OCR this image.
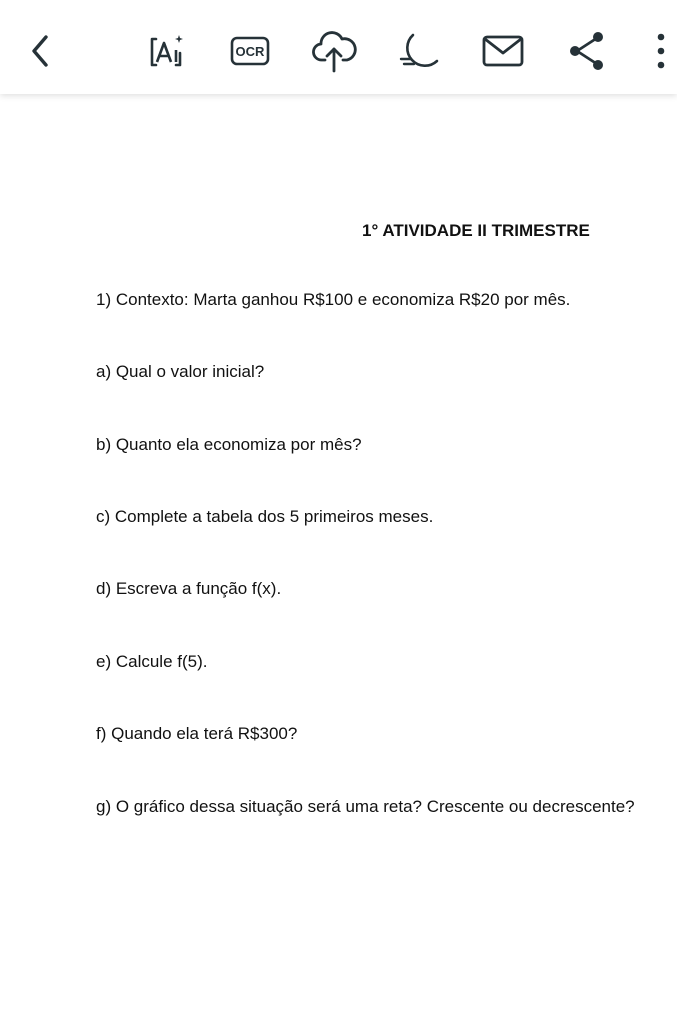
OCR
1° ATIVIDADE II TRIMESTRE
1) Contexto: Marta ganhou R$100 e economiza R$20 por mês.
a) Qual o valor inicial?
b) Quanto ela economiza por mês?
c) Complete a tabela dos 5 primeiros meses.
d) Escreva a função f(x).
e) Calcule f(5).
f) Quando ela terá R$300?
g) O gráfico dessa situação será uma reta? Crescente ou decrescente?
